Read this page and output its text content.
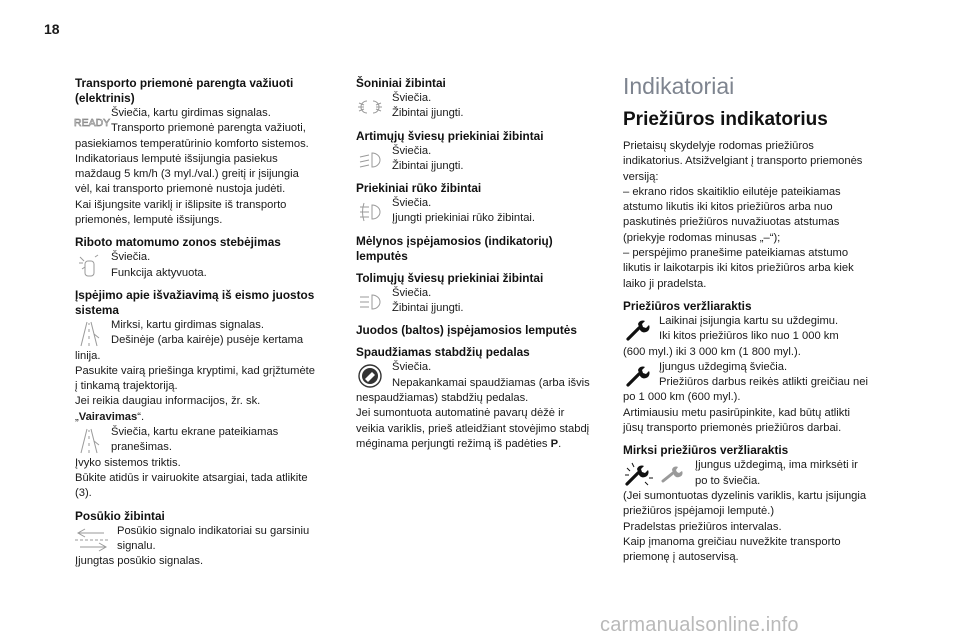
18
Transporto priemonė parengta važiuoti (elektrinis)
READY
Šviečia, kartu girdimas signalas.
Transporto priemonė parengta važiuoti,
pasiekiamos temperatūrinio komforto sistemos.
Indikatoriaus lemputė išsijungia pasiekus
maždaug 5 km/h (3 myl./val.) greitį ir įsijungia
vėl, kai transporto priemonė nustoja judėti.
Kai išjungsite variklį ir išlipsite iš transporto
priemonės, lemputė išsijungs.
Riboto matomumo zonos stebėjimas
Šviečia.
Funkcija aktyvuota.
Įspėjimo apie išvažiavimą iš eismo juostos sistema
Mirksi, kartu girdimas signalas.
Dešinėje (arba kairėje) pusėje kertama
linija.
Pasukite vairą priešinga kryptimi, kad grįžtumėte
į tinkamą trajektoriją.
Jei reikia daugiau informacijos, žr. sk.
„Vairavimas“.
Šviečia, kartu ekrane pateikiamas
pranešimas.
Įvyko sistemos triktis.
Būkite atidūs ir vairuokite atsargiai, tada atlikite
(3).
Posūkio žibintai
Posūkio signalo indikatoriai su garsiniu
signalu.
Įjungtas posūkio signalas.
Šoniniai žibintai
Šviečia.
Žibintai įjungti.
Artimųjų šviesų priekiniai žibintai
Šviečia.
Žibintai įjungti.
Priekiniai rūko žibintai
Šviečia.
Įjungti priekiniai rūko žibintai.
Mėlynos įspėjamosios (indikatorių) lemputės
Tolimųjų šviesų priekiniai žibintai
Šviečia.
Žibintai įjungti.
Juodos (baltos) įspėjamosios lemputės
Spaudžiamas stabdžių pedalas
Šviečia.
Nepakankamai spaudžiamas (arba išvis
nespaudžiamas) stabdžių pedalas.
Jei sumontuota automatinė pavarų dėžė ir
veikia variklis, prieš atleidžiant stovėjimo stabdį
méginama perjungti režimą iš padėties P.
Indikatoriai
Priežiūros indikatorius
Prietaisų skydelyje rodomas priežiūros
indikatorius. Atsižvelgiant į transporto priemonės
versiją:
– ekrano ridos skaitiklio eilutėje pateikiamas
atstumo likutis iki kitos priežiūros arba nuo
paskutinės priežiūros nuvažiuotas atstumas
(priekyje rodomas minusas „–“);
– perspėjimo pranešime pateikiamas atstumo
likutis ir laikotarpis iki kitos priežiūros arba kiek
laiko ji pradelsta.
Priežiūros veržliaraktis
Laikinai įsijungia kartu su uždegimu.
Iki kitos priežiūros liko nuo 1 000 km
(600 myl.) iki 3 000 km (1 800 myl.).
Įjungus uždegimą šviečia.
Priežiūros darbus reikės atlikti greičiau nei
po 1 000 km (600 myl.).
Artimiausiu metu pasirūpinkite, kad būtų atlikti
jūsų transporto priemonės priežiūros darbai.
Mirksi priežiūros veržliaraktis
Įjungus uždegimą, ima mirksėti ir
po to šviečia.
(Jei sumontuotas dyzelinis variklis, kartu įsijungia
priežiūros įspėjamoji lemputė.)
Pradelstas priežiūros intervalas.
Kaip įmanoma greičiau nuvežkite transporto
priemonę į autoservisą.
carmanualsonline.info
